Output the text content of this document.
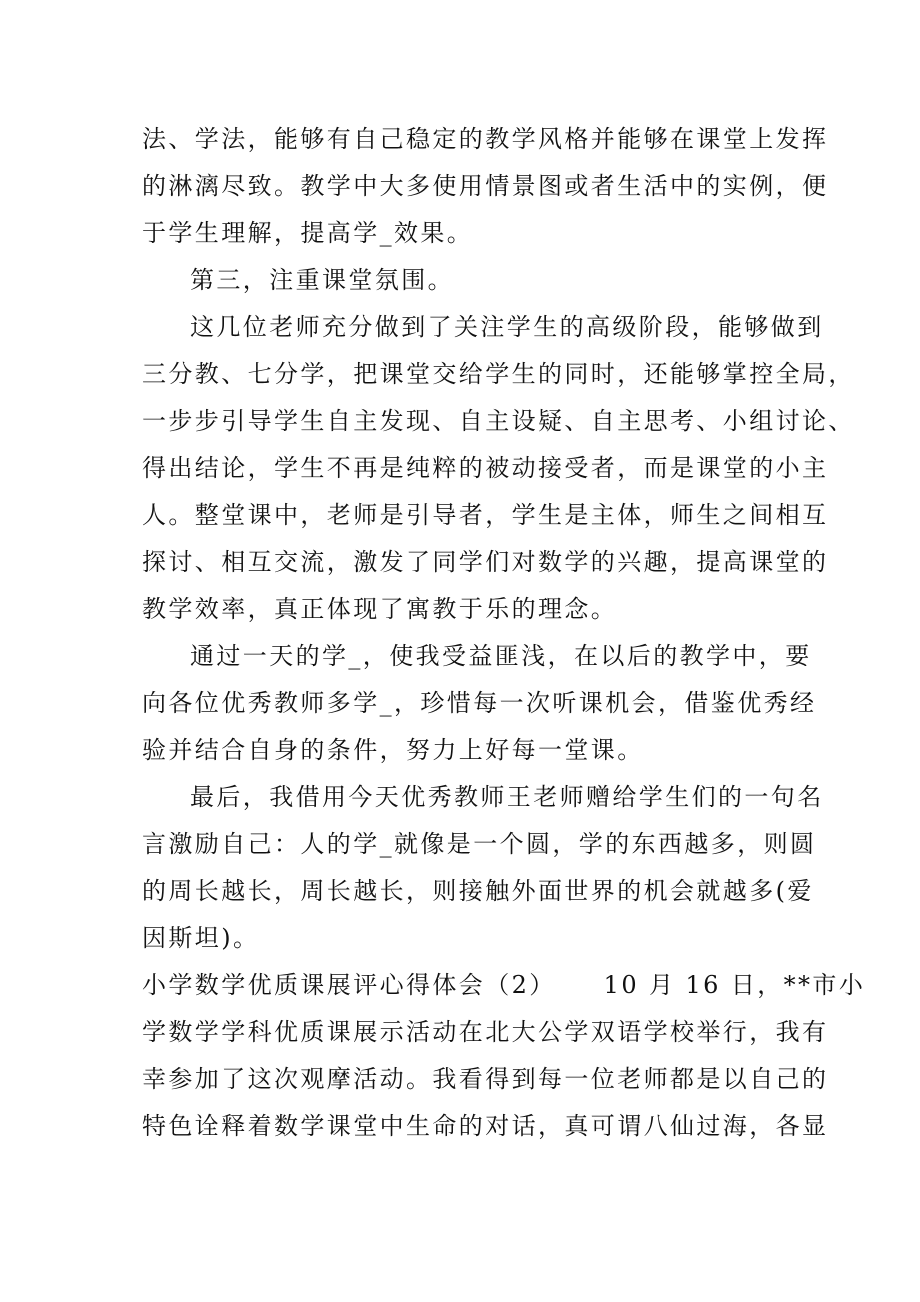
法、学法，能够有自己稳定的教学风格并能够在课堂上发挥
的淋漓尽致。教学中大多使用情景图或者生活中的实例，便
于学生理解，提高学_效果。

第三，注重课堂氛围。

这几位老师充分做到了关注学生的高级阶段，能够做到
三分教、七分学，把课堂交给学生的同时，还能够掌控全局，
一步步引导学生自主发现、自主设疑、自主思考、小组讨论、
得出结论，学生不再是纯粹的被动接受者，而是课堂的小主
人。整堂课中，老师是引导者，学生是主体，师生之间相互
探讨、相互交流，激发了同学们对数学的兴趣，提高课堂的
教学效率，真正体现了寓教于乐的理念。

通过一天的学_，使我受益匪浅，在以后的教学中，要
向各位优秀教师多学_，珍惜每一次听课机会，借鉴优秀经
验并结合自身的条件，努力上好每一堂课。

最后，我借用今天优秀教师王老师赠给学生们的一句名
言激励自己：人的学_就像是一个圆，学的东西越多，则圆
的周长越长，周长越长，则接触外面世界的机会就越多(爱
因斯坦)。

小学数学优质课展评心得体会（2） 10 月 16 日，**市小
学数学学科优质课展示活动在北大公学双语学校举行，我有
幸参加了这次观摩活动。我看得到每一位老师都是以自己的
特色诠释着数学课堂中生命的对话，真可谓八仙过海，各显
